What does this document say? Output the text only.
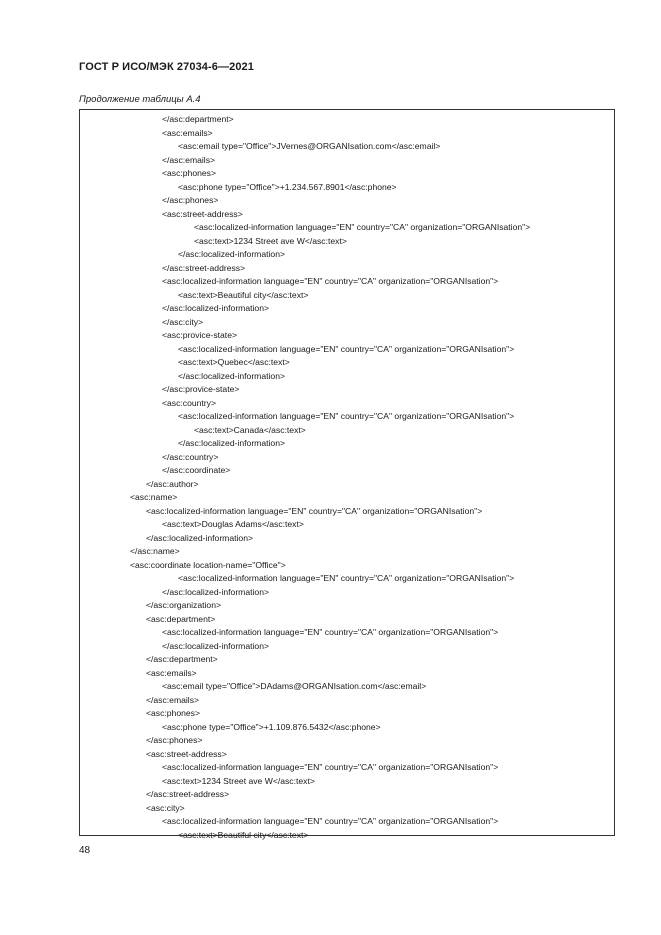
ГОСТ Р ИСО/МЭК 27034-6—2021
Продолжение таблицы А.4
</asc:department>
<asc:emails>
<asc:email type="Office">JVernes@ORGANIsation.com</asc:email>
</asc:emails>
<asc:phones>
<asc:phone type="Office">+1.234.567.8901</asc:phone>
</asc:phones>
<asc:street-address>
<asc:localized-information language="EN" country="CA" organization="ORGANIsation">
<asc:text>1234 Street ave W</asc:text>
</asc:localized-information>
</asc:street-address>
<asc:localized-information language="EN" country="CA" organization="ORGANIsation">
<asc:text>Beautiful city</asc:text>
</asc:localized-information>
</asc:city>
<asc:provice-state>
<asc:localized-information language="EN" country="CA" organization="ORGANIsation">
<asc:text>Quebec</asc:text>
</asc:localized-information>
</asc:provice-state>
<asc:country>
<asc:localized-information language="EN" country="CA" organization="ORGANIsation">
<asc:text>Canada</asc:text>
</asc:localized-information>
</asc:country>
</asc:coordinate>
</asc:author>
<asc:name>
<asc:localized-information language="EN" country="CA" organization="ORGANIsation">
<asc:text>Douglas Adams</asc:text>
</asc:localized-information>
</asc:name>
<asc:coordinate location-name="Office">
<asc:localized-information language="EN" country="CA" organization="ORGANIsation">
</asc:localized-information>
</asc:organization>
<asc:department>
<asc:localized-information language="EN" country="CA" organization="ORGANIsation">
</asc:localized-information>
</asc:department>
<asc:emails>
<asc:email type="Office">DAdams@ORGANIsation.com</asc:email>
</asc:emails>
<asc:phones>
<asc:phone type="Office">+1.109.876.5432</asc:phone>
</asc:phones>
<asc:street-address>
<asc:localized-information language="EN" country="CA" organization="ORGANIsation">
<asc:text>1234 Street ave W</asc:text>
</asc:street-address>
<asc:city>
<asc:localized-information language="EN" country="CA" organization="ORGANIsation">
<asc:text>Beautiful city</asc:text>
48
